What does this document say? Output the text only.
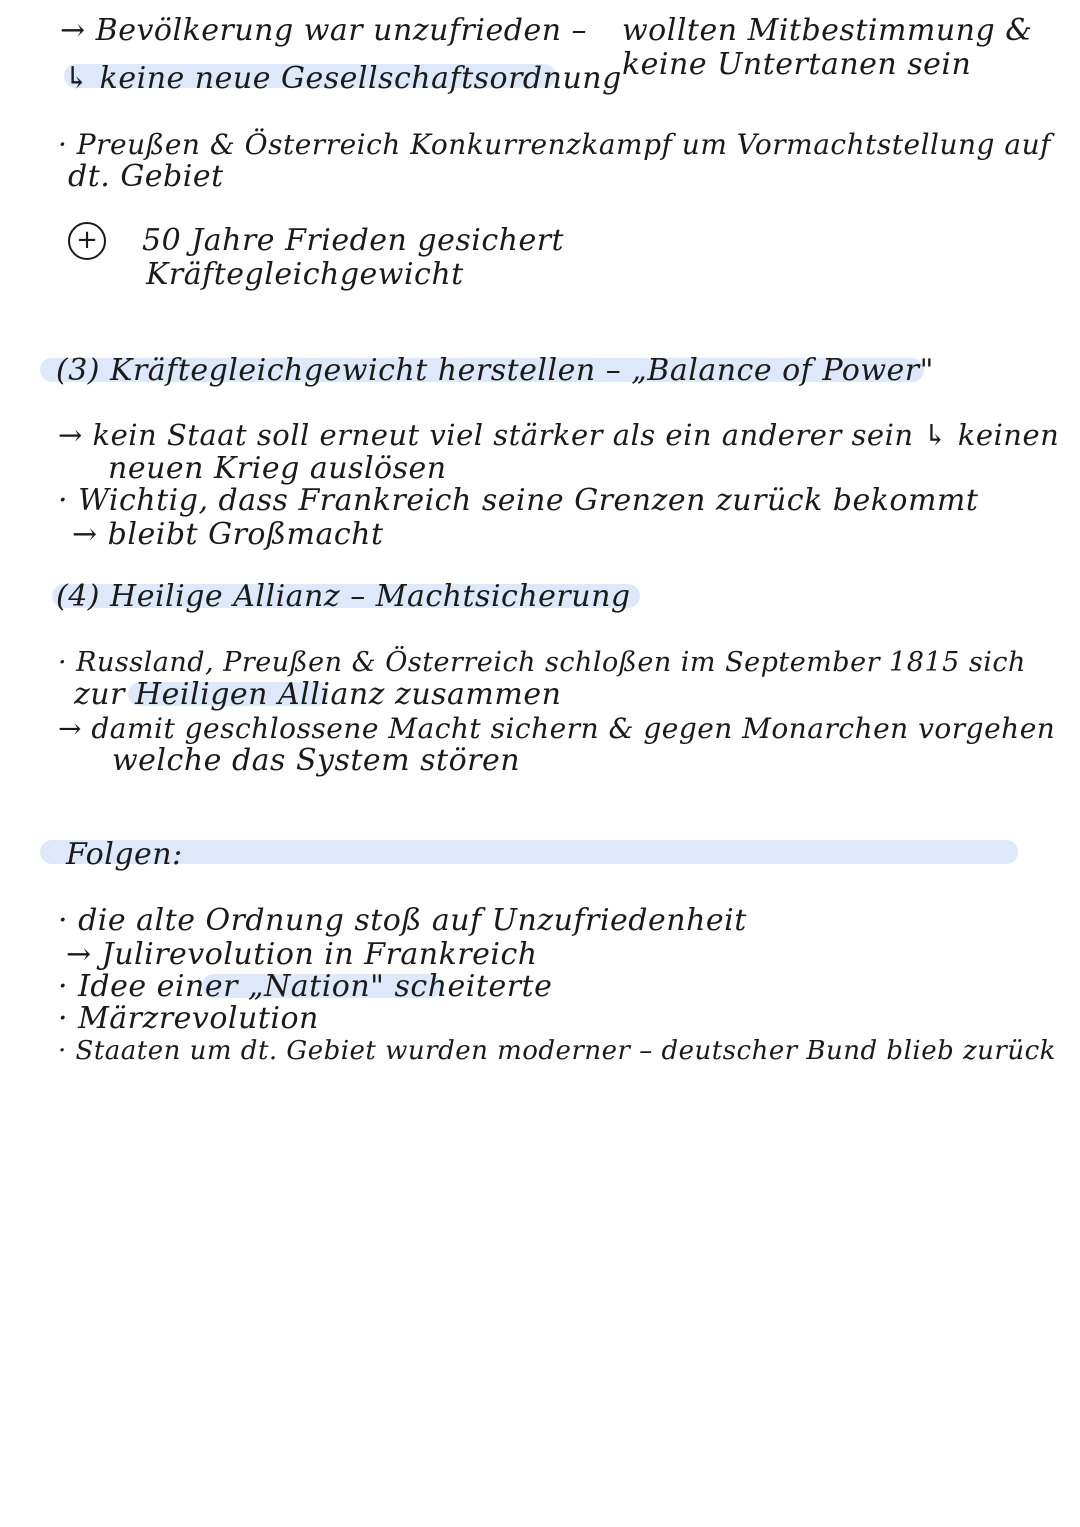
→ Bevölkerung war unzufrieden – wollten Mitbestimmung &
↳ keine neue Gesellschaftsordnung keine Untertanen sein
· Preußen & Österreich Konkurrenzkampf um Vormachtstellung auf
dt. Gebiet
+ 50 Jahre Frieden gesichert
Kräftegleichgewicht
(3) Kräftegleichgewicht herstellen – „Balance of Power"
→ kein Staat soll erneut viel stärker als ein anderer sein ↳ keinen
neuen Krieg auslösen
· Wichtig, dass Frankreich seine Grenzen zurück bekommt
→ bleibt Großmacht
(4) Heilige Allianz – Machtsicherung
· Russland, Preußen & Österreich schloßen im September 1815 sich
zur Heiligen Allianz zusammen
→ damit geschlossene Macht sichern & gegen Monarchen vorgehen
welche das System stören
Folgen:
· die alte Ordnung stoß auf Unzufriedenheit
→ Julirevolution in Frankreich
· Idee einer „Nation" scheiterte
· Märzrevolution
· Staaten um dt. Gebiet wurden moderner – deutscher Bund blieb zurück
